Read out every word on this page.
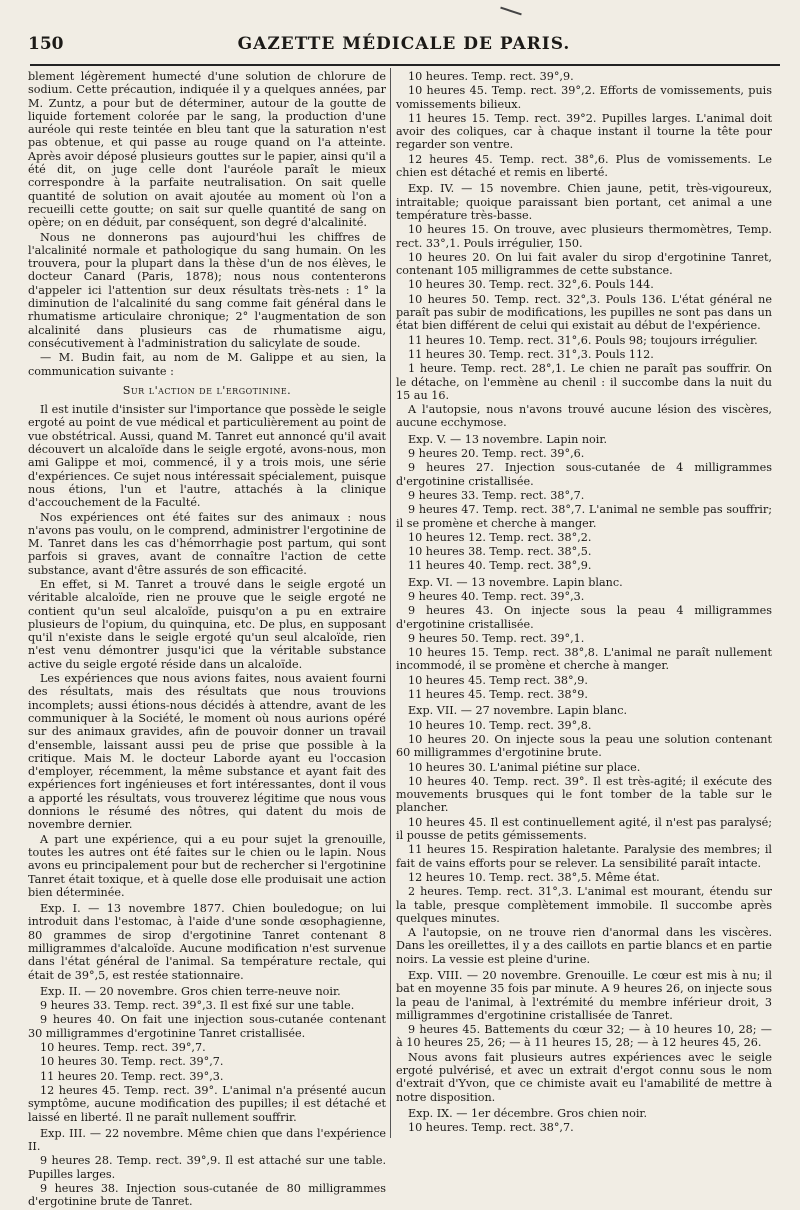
150	GAZETTE MÉDICALE DE PARIS.

blement légèrement humecté d'une solution de chlorure de sodium. Cette précaution, indiquée il y a quelques années, par M. Zuntz, a pour but de déterminer, autour de la goutte de liquide fortement colorée par le sang, la production d'une auréole qui reste teintée en bleu tant que la saturation n'est pas obtenue, et qui passe au rouge quand on l'a atteinte. Après avoir déposé plusieurs gouttes sur le papier, ainsi qu'il a été dit, on juge celle dont l'auréole paraît le mieux correspondre à la parfaite neutralisation. On sait quelle quantité de solution on avait ajoutée au moment où l'on a recueilli cette goutte; on sait sur quelle quantité de sang on opère; on en déduit, par conséquent, son degré d'alcalinité.

Nous ne donnerons pas aujourd'hui les chiffres de l'alcalinité normale et pathologique du sang humain. On les trouvera, pour la plupart dans la thèse d'un de nos élèves, le docteur Canard (Paris, 1878); nous nous contenterons d'appeler ici l'attention sur deux résultats très-nets : 1° la diminution de l'alcalinité du sang comme fait général dans le rhumatisme articulaire chronique; 2° l'augmentation de son alcalinité dans plusieurs cas de rhumatisme aigu, consécutivement à l'administration du salicylate de soude.

— M. Budin fait, au nom de M. Galippe et au sien, la communication suivante :

Sur l'action de l'ergotinine.

Il est inutile d'insister sur l'importance que possède le seigle ergoté au point de vue médical et particulièrement au point de vue obstétrical. Aussi, quand M. Tanret eut annoncé qu'il avait découvert un alcaloïde dans le seigle ergoté, avons-nous, mon ami Galippe et moi, commencé, il y a trois mois, une série d'expériences. Ce sujet nous intéressait spécialement, puisque nous étions, l'un et l'autre, attachés à la clinique d'accouchement de la Faculté.

Nos expériences ont été faites sur des animaux : nous n'avons pas voulu, on le comprend, administrer l'ergotinine de M. Tanret dans les cas d'hémorrhagie post partum, qui sont parfois si graves, avant de connaître l'action de cette substance, avant d'être assurés de son efficacité.

En effet, si M. Tanret a trouvé dans le seigle ergoté un véritable alcaloïde, rien ne prouve que le seigle ergoté ne contient qu'un seul alcaloïde, puisqu'on a pu en extraire plusieurs de l'opium, du quinquina, etc. De plus, en supposant qu'il n'existe dans le seigle ergoté qu'un seul alcaloïde, rien n'est venu démontrer jusqu'ici que la véritable substance active du seigle ergoté réside dans un alcaloïde.

Les expériences que nous avions faites, nous avaient fourni des résultats, mais des résultats que nous trouvions incomplets; aussi étions-nous décidés à attendre, avant de les communiquer à la Société, le moment où nous aurions opéré sur des animaux gravides, afin de pouvoir donner un travail d'ensemble, laissant aussi peu de prise que possible à la critique. Mais M. le docteur Laborde ayant eu l'occasion d'employer, récemment, la même substance et ayant fait des expériences fort ingénieuses et fort intéressantes, dont il vous a apporté les résultats, vous trouverez légitime que nous vous donnions le résumé des nôtres, qui datent du mois de novembre dernier.

A part une expérience, qui a eu pour sujet la grenouille, toutes les autres ont été faites sur le chien ou le lapin. Nous avons eu principalement pour but de rechercher si l'ergotinine Tanret était toxique, et à quelle dose elle produisait une action bien déterminée.

Exp. I. — 13 novembre 1877. Chien bouledogue; on lui introduit dans l'estomac, à l'aide d'une sonde œsophagienne, 80 grammes de sirop d'ergotinine Tanret contenant 8 milligrammes d'alcaloïde. Aucune modification n'est survenue dans l'état général de l'animal. Sa température rectale, qui était de 39°,5, est restée stationnaire.

Exp. II. — 20 novembre. Gros chien terre-neuve noir.

9 heures 33. Temp. rect. 39°,3. Il est fixé sur une table.

9 heures 40. On fait une injection sous-cutanée contenant 30 milligrammes d'ergotinine Tanret cristallisée.

10 heures. Temp. rect. 39°,7.

10 heures 30. Temp. rect. 39°,7.

11 heures 20. Temp. rect. 39°,3.

12 heures 45. Temp. rect. 39°. L'animal n'a présenté aucun symptôme, aucune modification des pupilles; il est détaché et laissé en liberté. Il ne paraît nullement souffrir.

Exp. III. — 22 novembre. Même chien que dans l'expérience II.

9 heures 28. Temp. rect. 39°,9. Il est attaché sur une table. Pupilles larges.

9 heures 38. Injection sous-cutanée de 80 milligrammes d'ergotinine brute de Tanret.

10 heures. Temp. rect. 39°,9.

10 heures 45. Temp. rect. 39°,2. Efforts de vomissements, puis vomissements bilieux.

11 heures 15. Temp. rect. 39°2. Pupilles larges. L'animal doit avoir des coliques, car à chaque instant il tourne la tête pour regarder son ventre.

12 heures 45. Temp. rect. 38°,6. Plus de vomissements. Le chien est détaché et remis en liberté.

Exp. IV. — 15 novembre. Chien jaune, petit, très-vigoureux, intraitable; quoique paraissant bien portant, cet animal a une température très-basse.

10 heures 15. On trouve, avec plusieurs thermomètres, Temp. rect. 33°,1. Pouls irrégulier, 150.

10 heures 20. On lui fait avaler du sirop d'ergotinine Tanret, contenant 105 milligrammes de cette substance.

10 heures 30. Temp. rect. 32°,6. Pouls 144.

10 heures 50. Temp. rect. 32°,3. Pouls 136. L'état général ne paraît pas subir de modifications, les pupilles ne sont pas dans un état bien différent de celui qui existait au début de l'expérience.

11 heures 10. Temp. rect. 31°,6. Pouls 98; toujours irrégulier.

11 heures 30. Temp. rect. 31°,3. Pouls 112.

1 heure. Temp. rect. 28°,1. Le chien ne paraît pas souffrir. On le détache, on l'emmène au chenil : il succombe dans la nuit du 15 au 16.

A l'autopsie, nous n'avons trouvé aucune lésion des viscères, aucune ecchymose.

Exp. V. — 13 novembre. Lapin noir.

9 heures 20. Temp. rect. 39°,6.

9 heures 27. Injection sous-cutanée de 4 milligrammes d'ergotinine cristallisée.

9 heures 33. Temp. rect. 38°,7.

9 heures 47. Temp. rect. 38°,7. L'animal ne semble pas souffrir; il se promène et cherche à manger.

10 heures 12. Temp. rect. 38°,2.

10 heures 38. Temp. rect. 38°,5.

11 heures 40. Temp. rect. 38°,9.

Exp. VI. — 13 novembre. Lapin blanc.

9 heures 40. Temp. rect. 39°,3.

9 heures 43. On injecte sous la peau 4 milligrammes d'ergotinine cristallisée.

9 heures 50. Temp. rect. 39°,1.

10 heures 15. Temp. rect. 38°,8. L'animal ne paraît nullement incommodé, il se promène et cherche à manger.

10 heures 45. Temp rect. 38°,9.

11 heures 45. Temp. rect. 38°9.

Exp. VII. — 27 novembre. Lapin blanc.

10 heures 10. Temp. rect. 39°,8.

10 heures 20. On injecte sous la peau une solution contenant 60 milligrammes d'ergotinine brute.

10 heures 30. L'animal piétine sur place.

10 heures 40. Temp. rect. 39°. Il est très-agité; il exécute des mouvements brusques qui le font tomber de la table sur le plancher.

10 heures 45. Il est continuellement agité, il n'est pas paralysé; il pousse de petits gémissements.

11 heures 15. Respiration haletante. Paralysie des membres; il fait de vains efforts pour se relever. La sensibilité paraît intacte.

12 heures 10. Temp. rect. 38°,5. Même état.

2 heures. Temp. rect. 31°,3. L'animal est mourant, étendu sur la table, presque complètement immobile. Il succombe après quelques minutes.

A l'autopsie, on ne trouve rien d'anormal dans les viscères. Dans les oreillettes, il y a des caillots en partie blancs et en partie noirs. La vessie est pleine d'urine.

Exp. VIII. — 20 novembre. Grenouille. Le cœur est mis à nu; il bat en moyenne 35 fois par minute. A 9 heures 26, on injecte sous la peau de l'animal, à l'extrémité du membre inférieur droit, 3 milligrammes d'ergotinine cristallisée de Tanret.

9 heures 45. Battements du cœur 32; — à 10 heures 10, 28; — à 10 heures 25, 26; — à 11 heures 15, 28; — à 12 heures 45, 26.

Nous avons fait plusieurs autres expériences avec le seigle ergoté pulvérisé, et avec un extrait d'ergot connu sous le nom d'extrait d'Yvon, que ce chimiste avait eu l'amabilité de mettre à notre disposition.

Exp. IX. — 1er décembre. Gros chien noir.

10 heures. Temp. rect. 38°,7.
